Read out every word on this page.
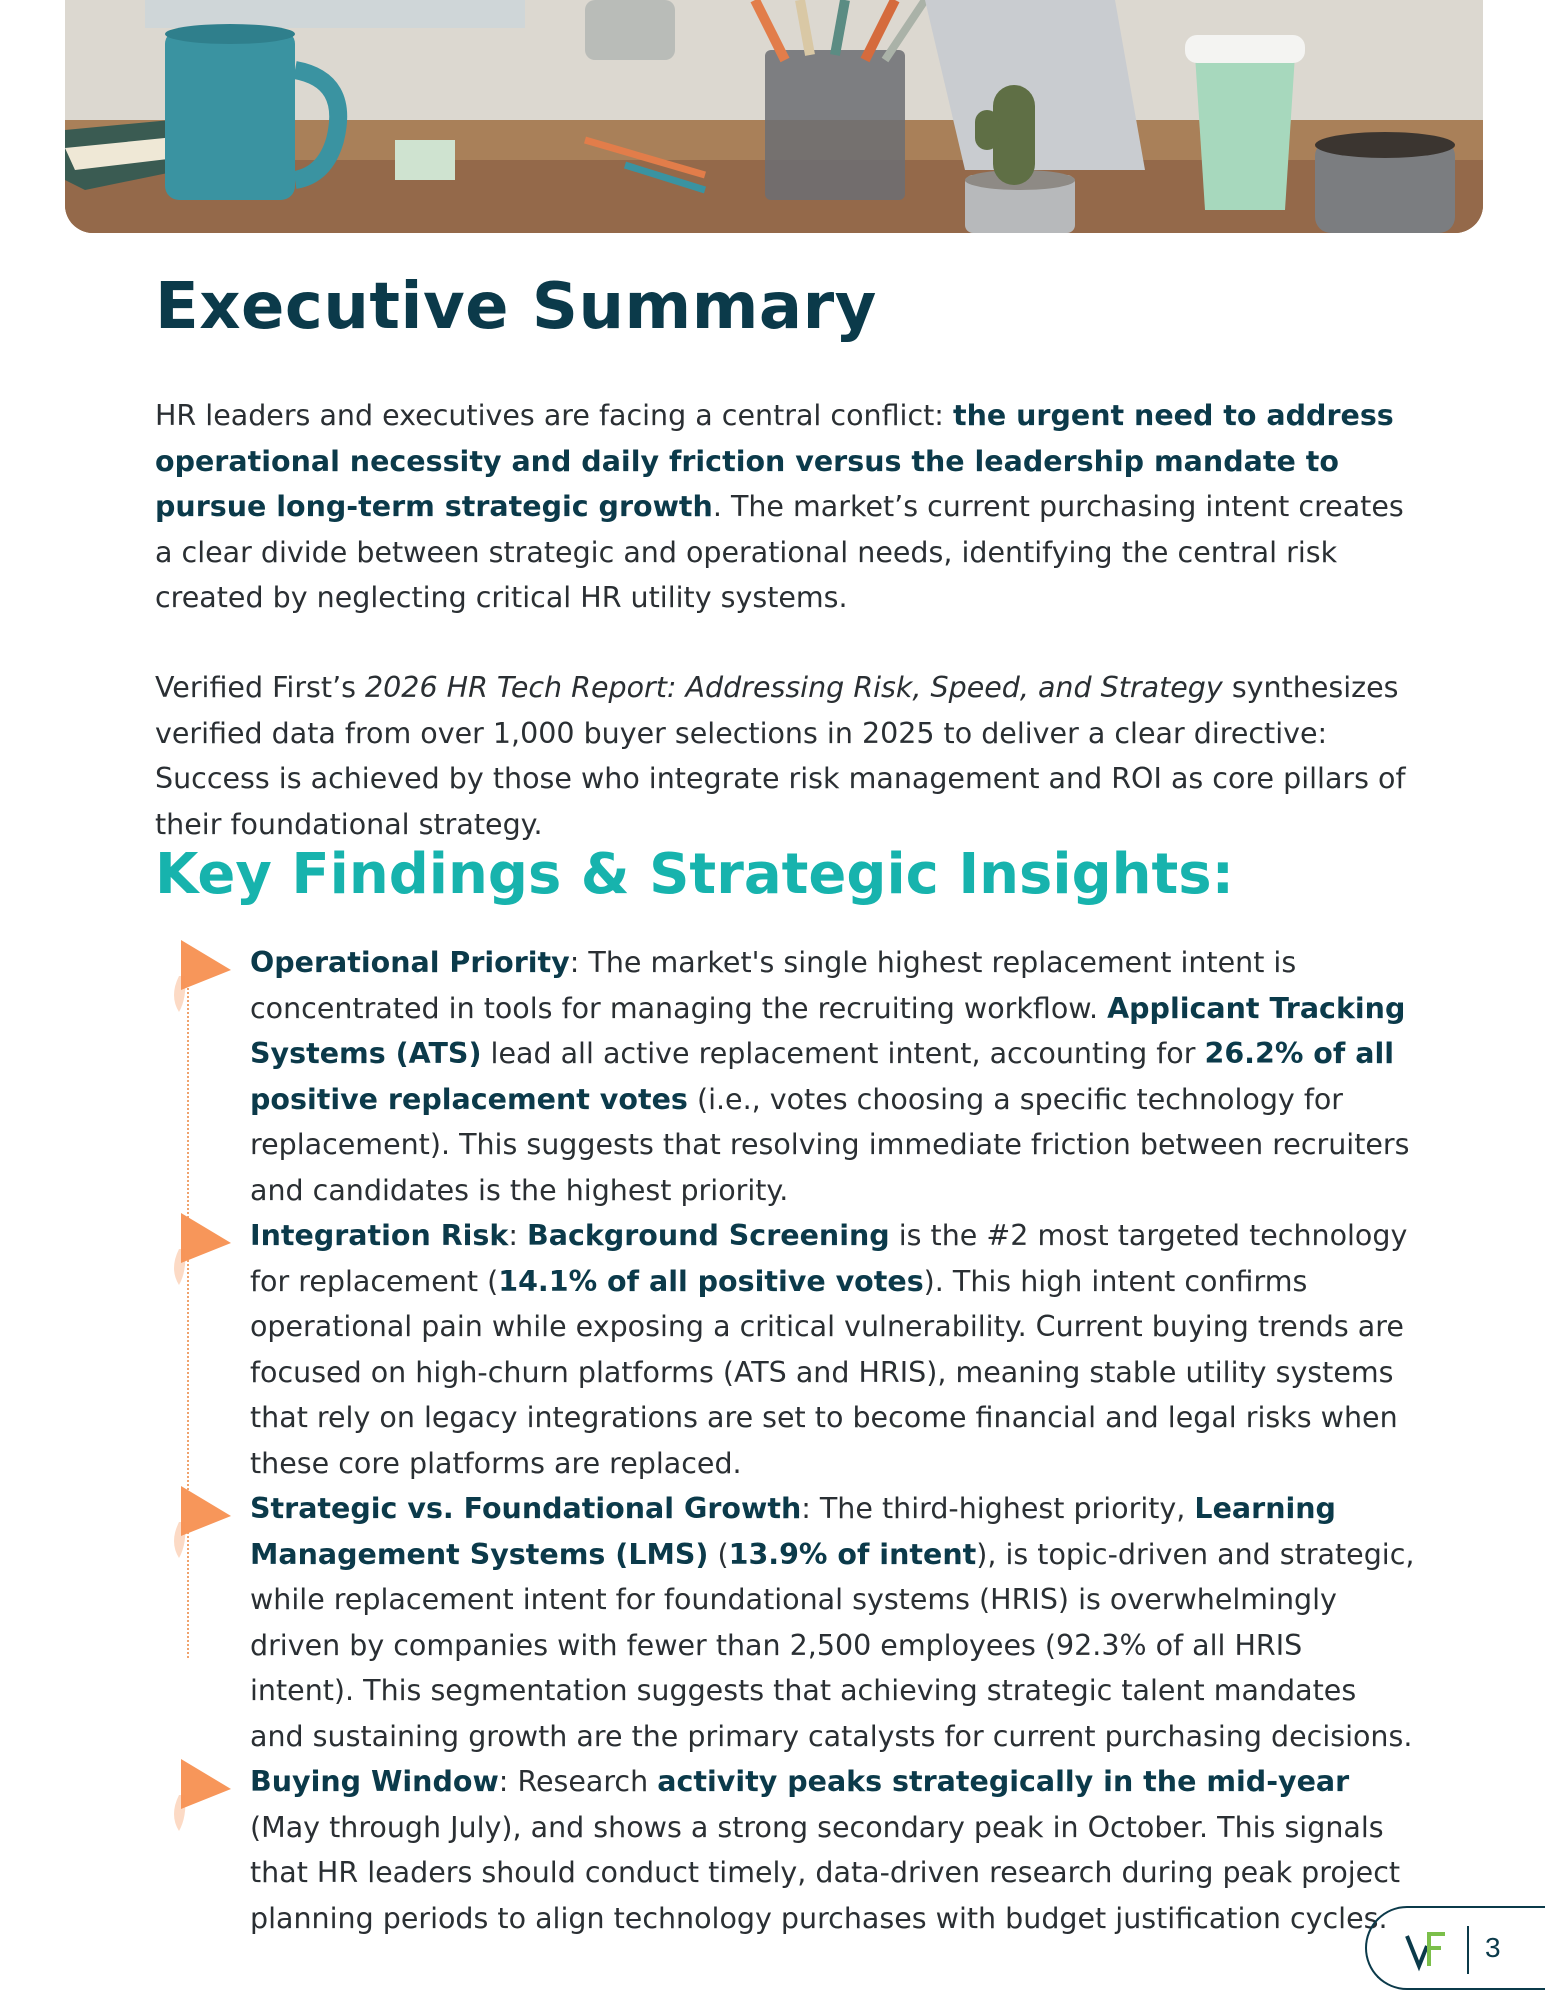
Executive Summary

HR leaders and executives are facing a central conflict: the urgent need to address operational necessity and daily friction versus the leadership mandate to pursue long-term strategic growth. The market’s current purchasing intent creates a clear divide between strategic and operational needs, identifying the central risk created by neglecting critical HR utility systems.

Verified First’s 2026 HR Tech Report: Addressing Risk, Speed, and Strategy synthesizes verified data from over 1,000 buyer selections in 2025 to deliver a clear directive: Success is achieved by those who integrate risk management and ROI as core pillars of their foundational strategy.

Key Findings & Strategic Insights:

Operational Priority: The market's single highest replacement intent is concentrated in tools for managing the recruiting workflow. Applicant Tracking Systems (ATS) lead all active replacement intent, accounting for 26.2% of all positive replacement votes (i.e., votes choosing a specific technology for replacement). This suggests that resolving immediate friction between recruiters and candidates is the highest priority.

Integration Risk: Background Screening is the #2 most targeted technology for replacement (14.1% of all positive votes). This high intent confirms operational pain while exposing a critical vulnerability. Current buying trends are focused on high-churn platforms (ATS and HRIS), meaning stable utility systems that rely on legacy integrations are set to become financial and legal risks when these core platforms are replaced.

Strategic vs. Foundational Growth: The third-highest priority, Learning Management Systems (LMS) (13.9% of intent), is topic-driven and strategic, while replacement intent for foundational systems (HRIS) is overwhelmingly driven by companies with fewer than 2,500 employees (92.3% of all HRIS intent). This segmentation suggests that achieving strategic talent mandates and sustaining growth are the primary catalysts for current purchasing decisions.

Buying Window: Research activity peaks strategically in the mid-year (May through July), and shows a strong secondary peak in October. This signals that HR leaders should conduct timely, data-driven research during peak project planning periods to align technology purchases with budget justification cycles.

3
